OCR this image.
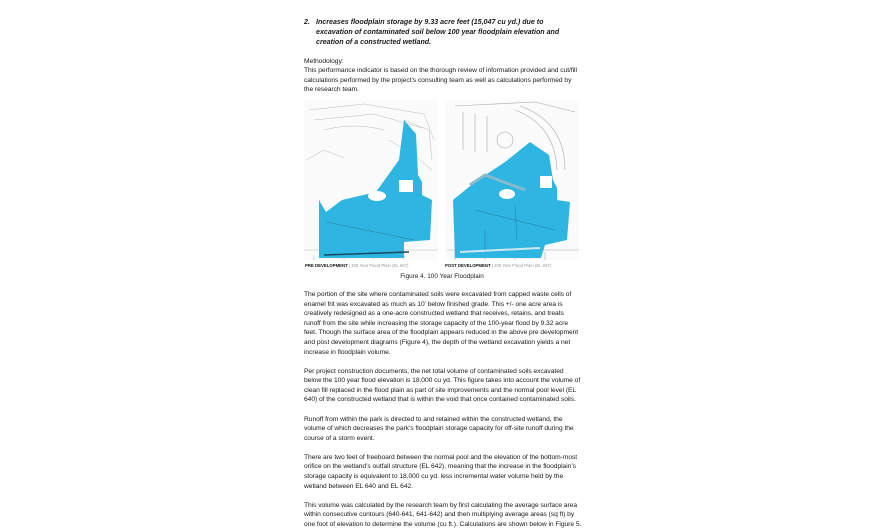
2. Increases floodplain storage by 9.33 acre feet (15,047 cu yd.) due to excavation of contaminated soil below 100 year floodplain elevation and creation of a constructed wetland.

Methodology:

This performance indicator is based on the thorough review of information provided and cut/fill calculations performed by the project’s consulting team as well as calculations performed by the research team.

PRE DEVELOPMENT | 100 Year Flood Plain (EL 657)	POST DEVELOPMENT | 100 Year Flood Plain (EL 657)
Figure 4. 100 Year Floodplain

The portion of the site where contaminated soils were excavated from capped waste cells of enamel frit was excavated as much as 10’ below finished grade. This +/- one acre area is creatively redesigned as a one-acre constructed wetland that receives, retains, and treats runoff from the site while increasing the storage capacity of the 100-year flood by 9.32 acre feet. Though the surface area of the floodplain appears reduced in the above pre development and post development diagrams (Figure 4), the depth of the wetland excavation yields a net increase in floodplain volume.

Per project construction documents, the net total volume of contaminated soils excavated below the 100 year flood elevation is 18,000 cu yd. This figure takes into account the volume of clean fill replaced in the flood plain as part of site improvements and the normal pool level (EL 640) of the constructed wetland that is within the void that once contained contaminated soils.

Runoff from within the park is directed to and retained within the constructed wetland, the volume of which decreases the park’s floodplain storage capacity for off-site runoff during the course of a storm event.

There are two feet of freeboard between the normal pool and the elevation of the bottom-most orifice on the wetland’s outfall structure (EL 642), meaning that the increase in the floodplain’s storage capacity is equivalent to 18,000 cu yd. less incremental water volume held by the wetland between EL 640 and EL 642.

This volume was calculated by the research team by first calculating the average surface area within consecutive contours (640-641, 641-642) and then multiplying average areas (sq ft) by one foot of elevation to determine the volume (cu ft.). Calculations are shown below in Figure 5.
